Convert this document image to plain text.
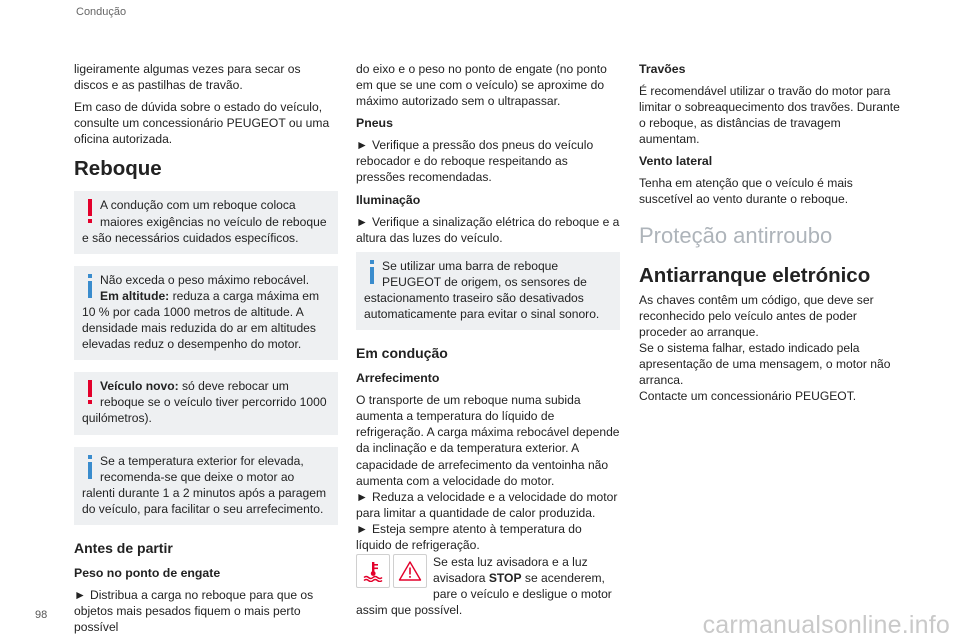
Condução

ligeiramente algumas vezes para secar os discos e as pastilhas de travão.

Em caso de dúvida sobre o estado do veículo, consulte um concessionário PEUGEOT ou uma oficina autorizada.

Reboque
A condução com um reboque coloca maiores exigências no veículo de reboque e são necessários cuidados específicos.
Não exceda o peso máximo rebocável.
Em altitude: reduza a carga máxima em 10 % por cada 1000 metros de altitude. A densidade mais reduzida do ar em altitudes elevadas reduz o desempenho do motor.
Veículo novo: só deve rebocar um reboque se o veículo tiver percorrido 1000 quilómetros).
Se a temperatura exterior for elevada, recomenda-se que deixe o motor ao ralenti durante 1 a 2 minutos após a paragem do veículo, para facilitar o seu arrefecimento.
Antes de partir
Peso no ponto de engate

► Distribua a carga no reboque para que os objetos mais pesados fiquem o mais perto possível

do eixo e o peso no ponto de engate (no ponto em que se une com o veículo) se aproxime do máximo autorizado sem o ultrapassar.

Pneus

► Verifique a pressão dos pneus do veículo rebocador e do reboque respeitando as pressões recomendadas.

Iluminação

► Verifique a sinalização elétrica do reboque e a altura das luzes do veículo.

Se utilizar uma barra de reboque PEUGEOT de origem, os sensores de estacionamento traseiro são desativados automaticamente para evitar o sinal sonoro.
Em condução
Arrefecimento

O transporte de um reboque numa subida aumenta a temperatura do líquido de refrigeração. A carga máxima rebocável depende da inclinação e da temperatura exterior. A capacidade de arrefecimento da ventoinha não aumenta com a velocidade do motor.

► Reduza a velocidade e a velocidade do motor para limitar a quantidade de calor produzida.

► Esteja sempre atento à temperatura do líquido de refrigeração.

Se esta luz avisadora e a luz avisadora STOP se acenderem, pare o veículo e desligue o motor assim que possível.

Travões

É recomendável utilizar o travão do motor para limitar o sobreaquecimento dos travões. Durante o reboque, as distâncias de travagem aumentam.

Vento lateral

Tenha em atenção que o veículo é mais suscetível ao vento durante o reboque.

Proteção antirroubo
Antiarranque eletrónico

As chaves contêm um código, que deve ser reconhecido pelo veículo antes de poder proceder ao arranque.

Se o sistema falhar, estado indicado pela apresentação de uma mensagem, o motor não arranca.

Contacte um concessionário PEUGEOT.

98	carmanualsonline.info
